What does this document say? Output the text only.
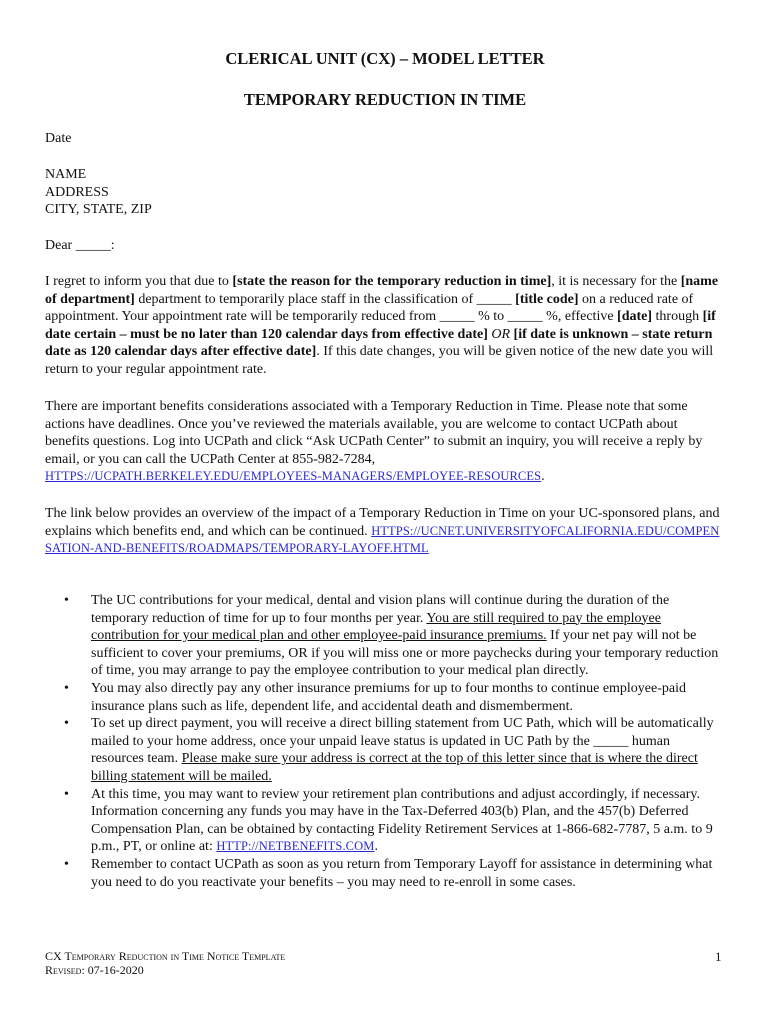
CLERICAL UNIT (CX) – MODEL LETTER
TEMPORARY REDUCTION IN TIME
Date
NAME
ADDRESS
CITY, STATE, ZIP
Dear _____:
I regret to inform you that due to [state the reason for the temporary reduction in time], it is necessary for the [name of department] department to temporarily place staff in the classification of _____ [title code] on a reduced rate of appointment. Your appointment rate will be temporarily reduced from _____ % to _____ %, effective [date] through [if date certain – must be no later than 120 calendar days from effective date] OR [if date is unknown – state return date as 120 calendar days after effective date]. If this date changes, you will be given notice of the new date you will return to your regular appointment rate.
There are important benefits considerations associated with a Temporary Reduction in Time. Please note that some actions have deadlines. Once you’ve reviewed the materials available, you are welcome to contact UCPath about benefits questions. Log into UCPath and click “Ask UCPath Center” to submit an inquiry, you will receive a reply by email, or you can call the UCPath Center at 855-982-7284,
HTTPS://UCPATH.BERKELEY.EDU/EMPLOYEES-MANAGERS/EMPLOYEE-RESOURCES.
The link below provides an overview of the impact of a Temporary Reduction in Time on your UC-sponsored plans, and explains which benefits end, and which can be continued. HTTPS://UCNET.UNIVERSITYOFCALIFORNIA.EDU/COMPENSATION-AND-BENEFITS/ROADMAPS/TEMPORARY-LAYOFF.HTML
• The UC contributions for your medical, dental and vision plans will continue during the duration of the temporary reduction of time for up to four months per year. You are still required to pay the employee contribution for your medical plan and other employee-paid insurance premiums. If your net pay will not be sufficient to cover your premiums, OR if you will miss one or more paychecks during your temporary reduction of time, you may arrange to pay the employee contribution to your medical plan directly.
• You may also directly pay any other insurance premiums for up to four months to continue employee-paid insurance plans such as life, dependent life, and accidental death and dismemberment.
• To set up direct payment, you will receive a direct billing statement from UC Path, which will be automatically mailed to your home address, once your unpaid leave status is updated in UC Path by the _____ human resources team. Please make sure your address is correct at the top of this letter since that is where the direct billing statement will be mailed.
• At this time, you may want to review your retirement plan contributions and adjust accordingly, if necessary. Information concerning any funds you may have in the Tax-Deferred 403(b) Plan, and the 457(b) Deferred Compensation Plan, can be obtained by contacting Fidelity Retirement Services at 1-866-682-7787, 5 a.m. to 9 p.m., PT, or online at: HTTP://NETBENEFITS.COM.
• Remember to contact UCPath as soon as you return from Temporary Layoff for assistance in determining what you need to do you reactivate your benefits – you may need to re-enroll in some cases.
CX Temporary Reduction in Time Notice Template
Revised: 07-16-2020
1
